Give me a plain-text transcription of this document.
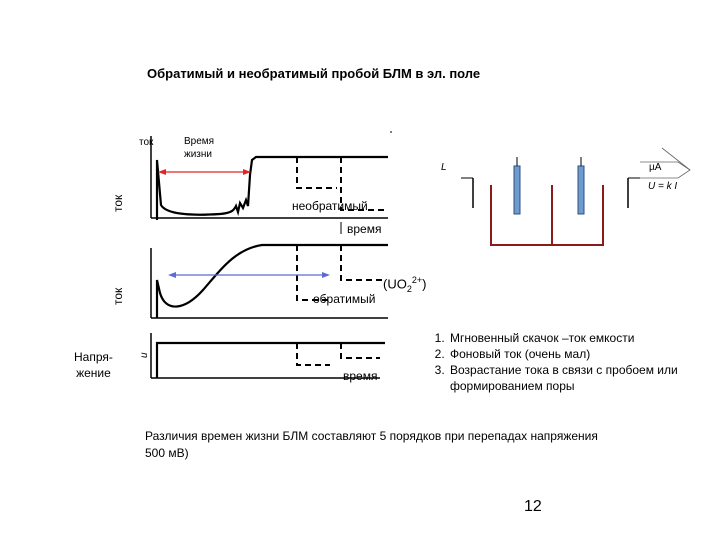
Обратимый и необратимый пробой БЛМ в эл. поле
ток
ток	Время
жизни
необратимый
время
ток	обратимый
$(UO_2^{2+})$
Напря-
жение
u
время
L	µA
U = k I
1. Мгновенный скачок –ток емкости
2. Фоновый ток (очень мал)
3. Возрастание тока в связи с пробоем или формированием поры
Различия времен жизни БЛМ составляют 5 порядков при перепадах напряжения 500 мВ)
12
